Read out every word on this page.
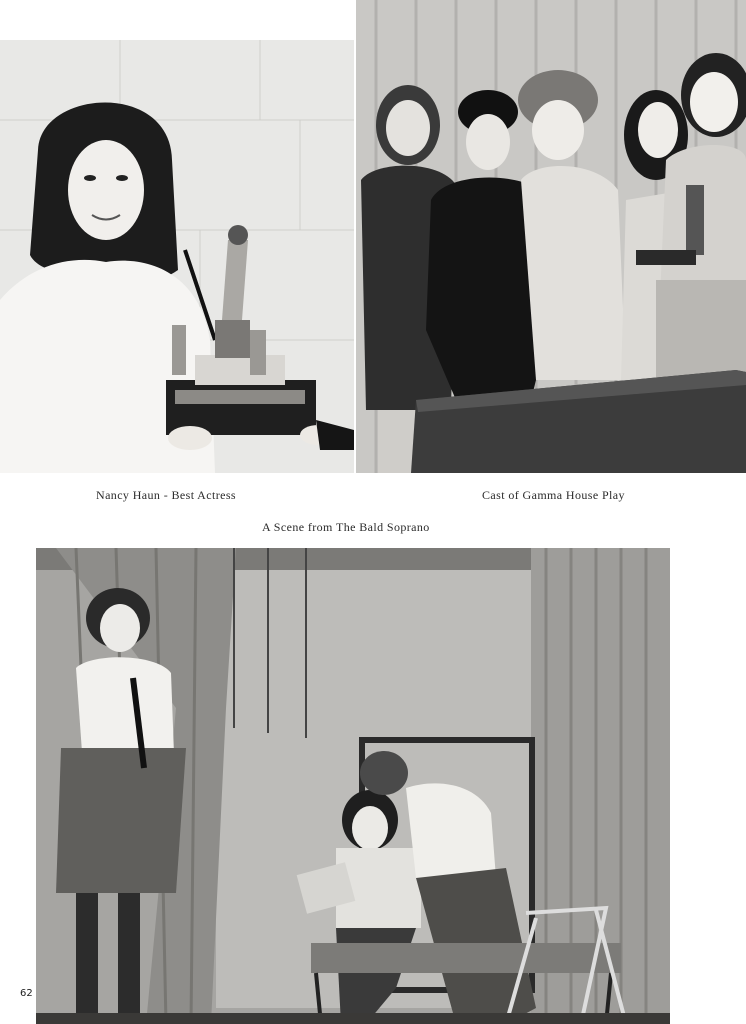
Nancy Haun - Best Actress	Cast of Gamma House Play
A Scene from The Bald Soprano
62
